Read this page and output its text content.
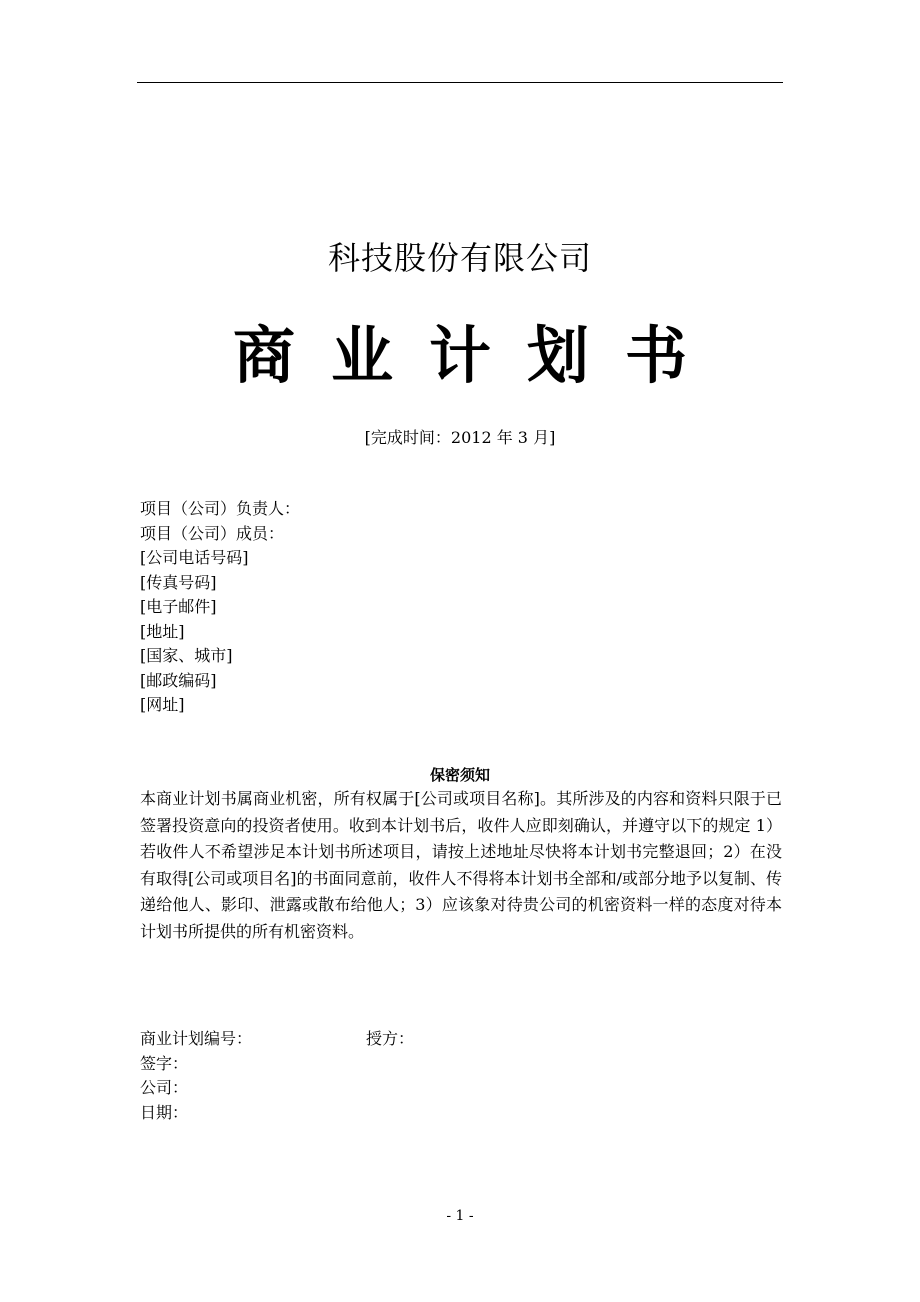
科技股份有限公司
商业计划书
[完成时间：2012 年 3 月]
项目（公司）负责人：
项目（公司）成员：
[公司电话号码]
[传真号码]
[电子邮件]
[地址]
[国家、城市]
[邮政编码]
[网址]
保密须知

本商业计划书属商业机密，所有权属于[公司或项目名称]。其所涉及的内容和资料只限于已签署投资意向的投资者使用。收到本计划书后，收件人应即刻确认，并遵守以下的规定 1）若收件人不希望涉足本计划书所述项目，请按上述地址尽快将本计划书完整退回；2）在没有取得[公司或项目名]的书面同意前，收件人不得将本计划书全部和/或部分地予以复制、传递给他人、影印、泄露或散布给他人；3）应该象对待贵公司的机密资料一样的态度对待本计划书所提供的所有机密资料。

商业计划编号：	授方：
签字：
公司：
日期：
- 1 -
